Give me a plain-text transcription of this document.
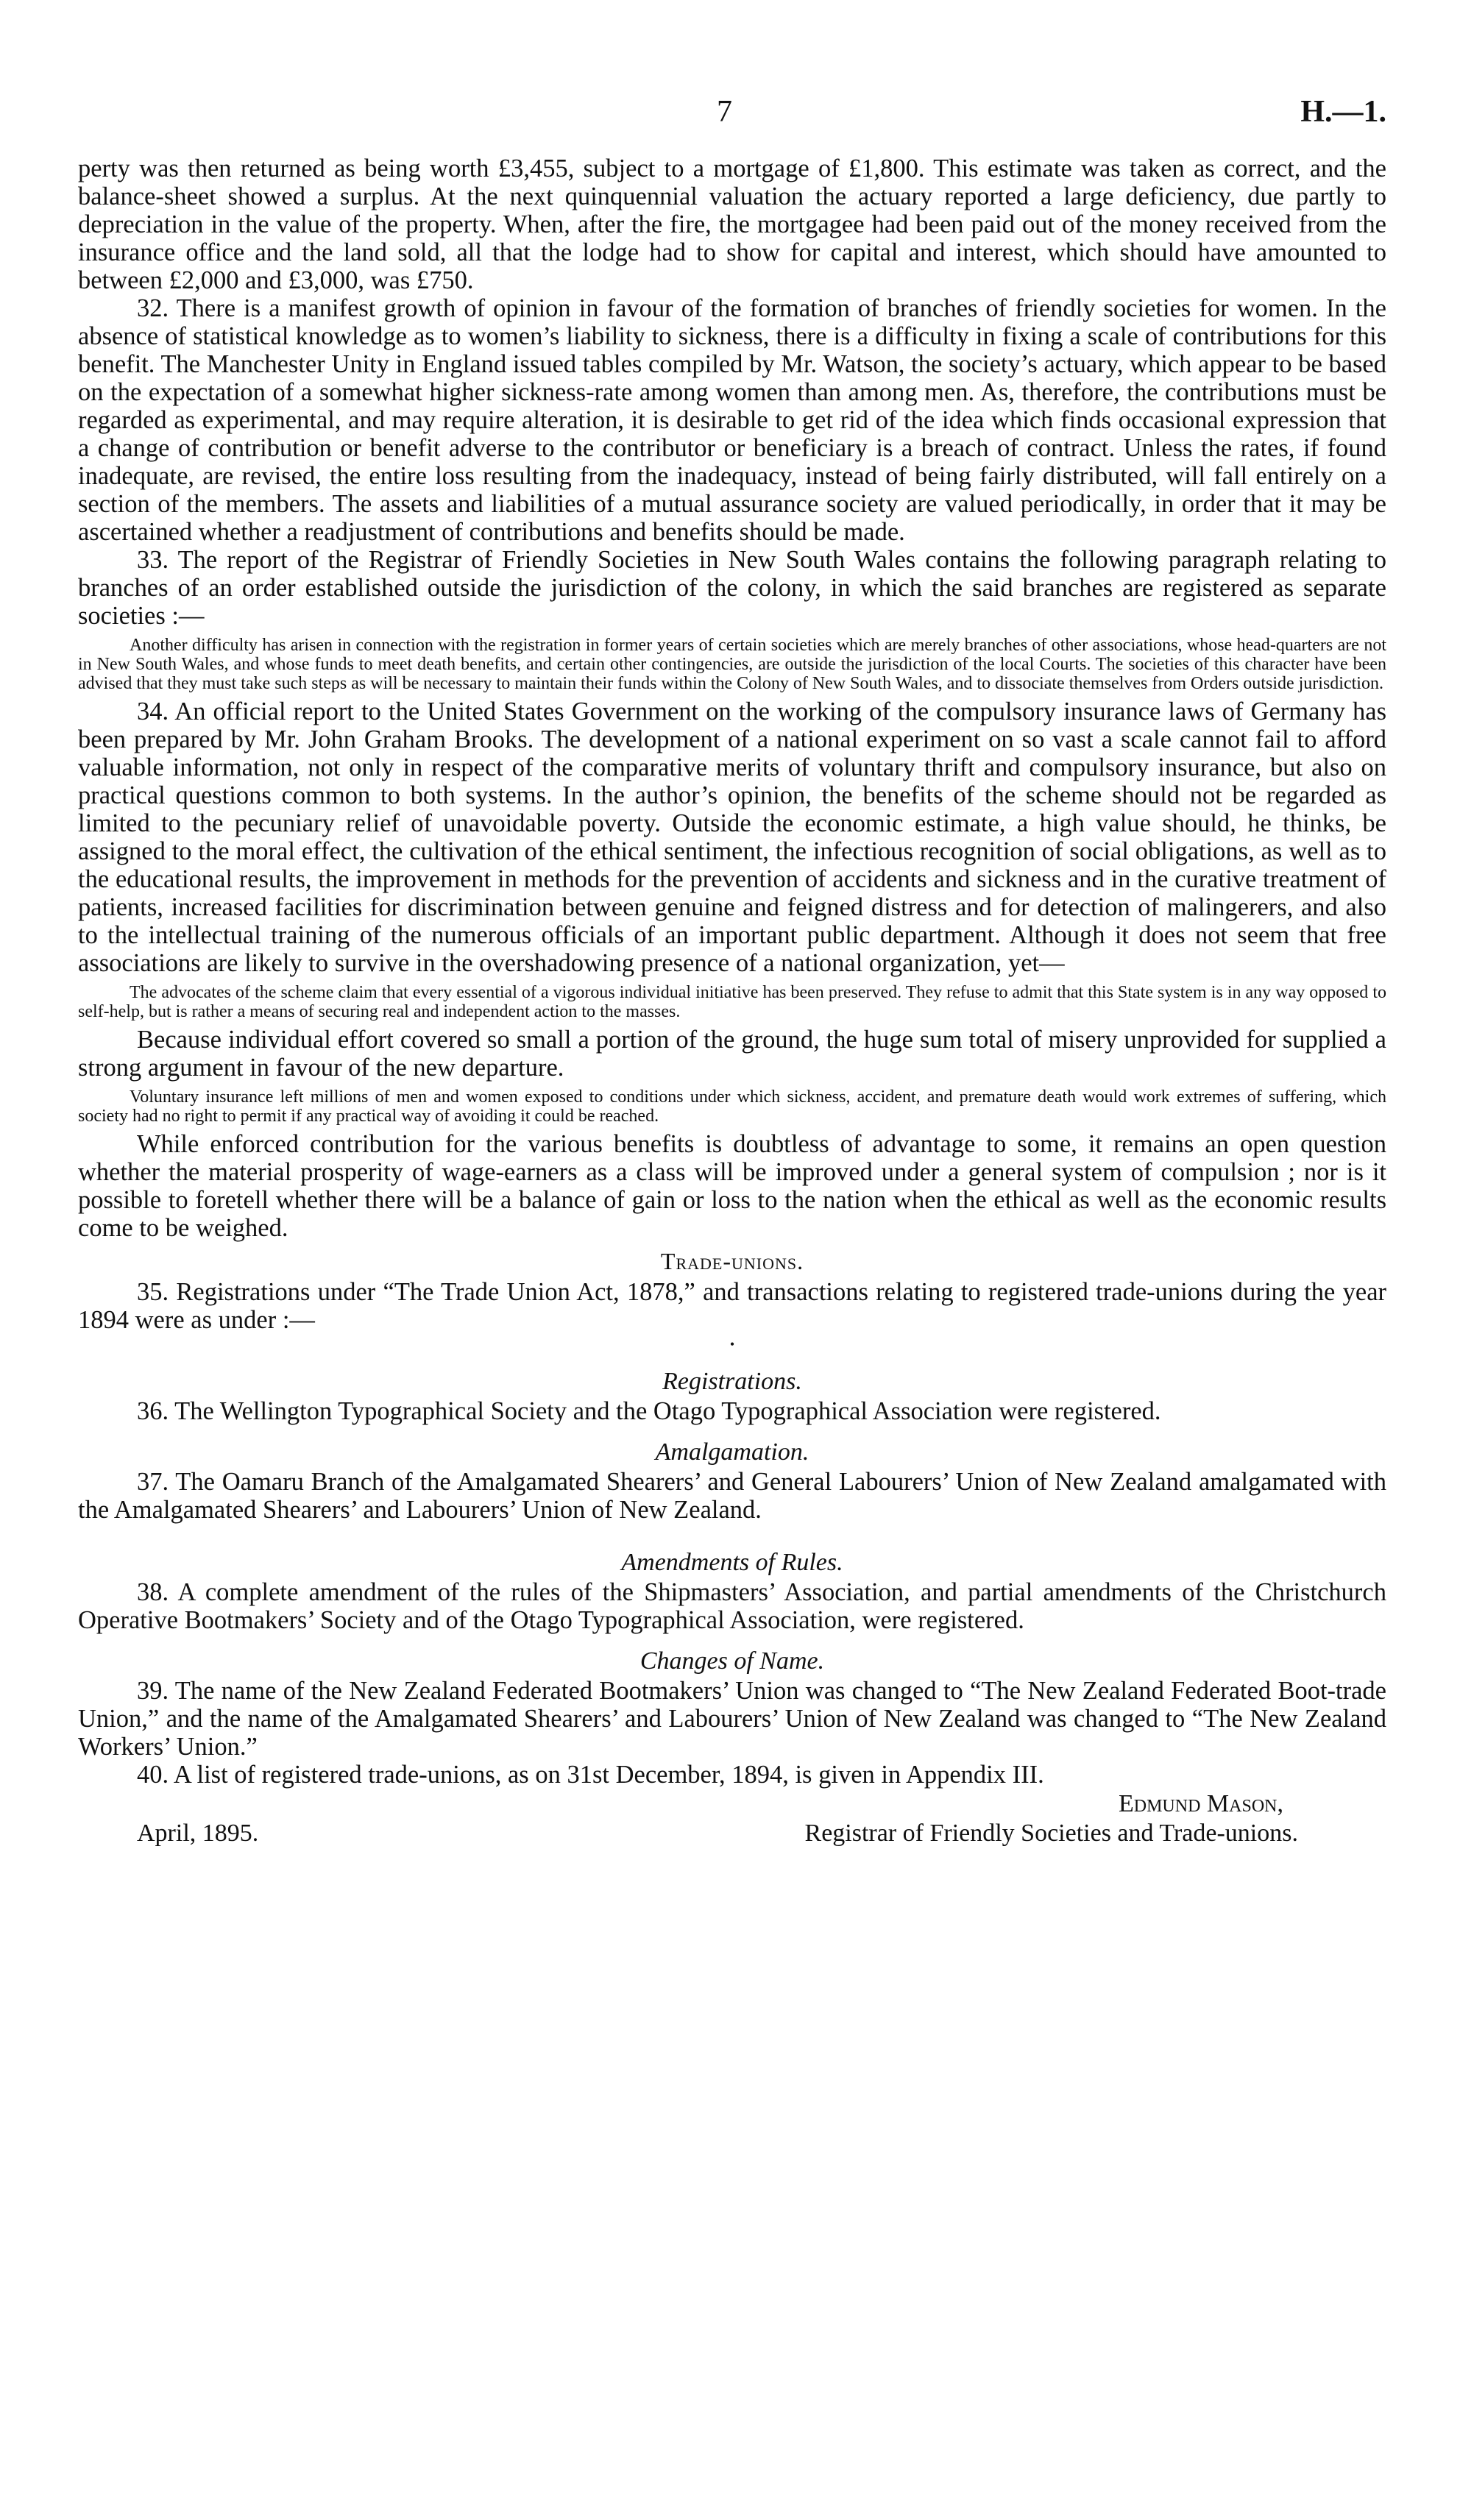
7	H.—1.

perty was then returned as being worth £3,455, subject to a mortgage of £1,800. This estimate was taken as correct, and the balance-sheet showed a surplus. At the next quinquennial valuation the actuary reported a large deficiency, due partly to depreciation in the value of the property. When, after the fire, the mortgagee had been paid out of the money received from the insurance office and the land sold, all that the lodge had to show for capital and interest, which should have amounted to between £2,000 and £3,000, was £750.

32. There is a manifest growth of opinion in favour of the formation of branches of friendly societies for women. In the absence of statistical knowledge as to women’s liability to sickness, there is a difficulty in fixing a scale of contributions for this benefit. The Manchester Unity in England issued tables compiled by Mr. Watson, the society’s actuary, which appear to be based on the expectation of a somewhat higher sickness-rate among women than among men. As, therefore, the contributions must be regarded as experimental, and may require alteration, it is desirable to get rid of the idea which finds occasional expression that a change of contribution or benefit adverse to the contributor or beneficiary is a breach of contract. Unless the rates, if found inadequate, are revised, the entire loss resulting from the inadequacy, instead of being fairly distributed, will fall entirely on a section of the members. The assets and liabilities of a mutual assurance society are valued periodically, in order that it may be ascertained whether a readjustment of contributions and benefits should be made.

33. The report of the Registrar of Friendly Societies in New South Wales contains the following paragraph relating to branches of an order established outside the jurisdiction of the colony, in which the said branches are registered as separate societies :—

Another difficulty has arisen in connection with the registration in former years of certain societies which are merely branches of other associations, whose head-quarters are not in New South Wales, and whose funds to meet death benefits, and certain other contingencies, are outside the jurisdiction of the local Courts. The societies of this character have been advised that they must take such steps as will be necessary to maintain their funds within the Colony of New South Wales, and to dissociate themselves from Orders outside jurisdiction.

34. An official report to the United States Government on the working of the compulsory insurance laws of Germany has been prepared by Mr. John Graham Brooks. The development of a national experiment on so vast a scale cannot fail to afford valuable information, not only in respect of the comparative merits of voluntary thrift and compulsory insurance, but also on practical questions common to both systems. In the author’s opinion, the benefits of the scheme should not be regarded as limited to the pecuniary relief of unavoidable poverty. Outside the economic estimate, a high value should, he thinks, be assigned to the moral effect, the cultivation of the ethical sentiment, the infectious recognition of social obligations, as well as to the educational results, the improvement in methods for the prevention of accidents and sickness and in the curative treatment of patients, increased facilities for discrimination between genuine and feigned distress and for detection of malingerers, and also to the intellectual training of the numerous officials of an important public department. Although it does not seem that free associations are likely to survive in the overshadowing presence of a national organization, yet—

The advocates of the scheme claim that every essential of a vigorous individual initiative has been preserved. They refuse to admit that this State system is in any way opposed to self-help, but is rather a means of securing real and independent action to the masses.

Because individual effort covered so small a portion of the ground, the huge sum total of misery unprovided for supplied a strong argument in favour of the new departure.

Voluntary insurance left millions of men and women exposed to conditions under which sickness, accident, and premature death would work extremes of suffering, which society had no right to permit if any practical way of avoiding it could be reached.

While enforced contribution for the various benefits is doubtless of advantage to some, it remains an open question whether the material prosperity of wage-earners as a class will be improved under a general system of compulsion ; nor is it possible to foretell whether there will be a balance of gain or loss to the nation when the ethical as well as the economic results come to be weighed.

Trade-unions.

35. Registrations under “The Trade Union Act, 1878,” and transactions relating to registered trade-unions during the year 1894 were as under :—

•

Registrations.

36. The Wellington Typographical Society and the Otago Typographical Association were registered.

Amalgamation.

37. The Oamaru Branch of the Amalgamated Shearers’ and General Labourers’ Union of New Zealand amalgamated with the Amalgamated Shearers’ and Labourers’ Union of New Zealand.

Amendments of Rules.

38. A complete amendment of the rules of the Shipmasters’ Association, and partial amendments of the Christchurch Operative Bootmakers’ Society and of the Otago Typographical Association, were registered.

Changes of Name.

39. The name of the New Zealand Federated Bootmakers’ Union was changed to “The New Zealand Federated Boot-trade Union,” and the name of the Amalgamated Shearers’ and Labourers’ Union of New Zealand was changed to “The New Zealand Workers’ Union.”

40. A list of registered trade-unions, as on 31st December, 1894, is given in Appendix III.

Edmund Mason,
April, 1895.	Registrar of Friendly Societies and Trade-unions.
